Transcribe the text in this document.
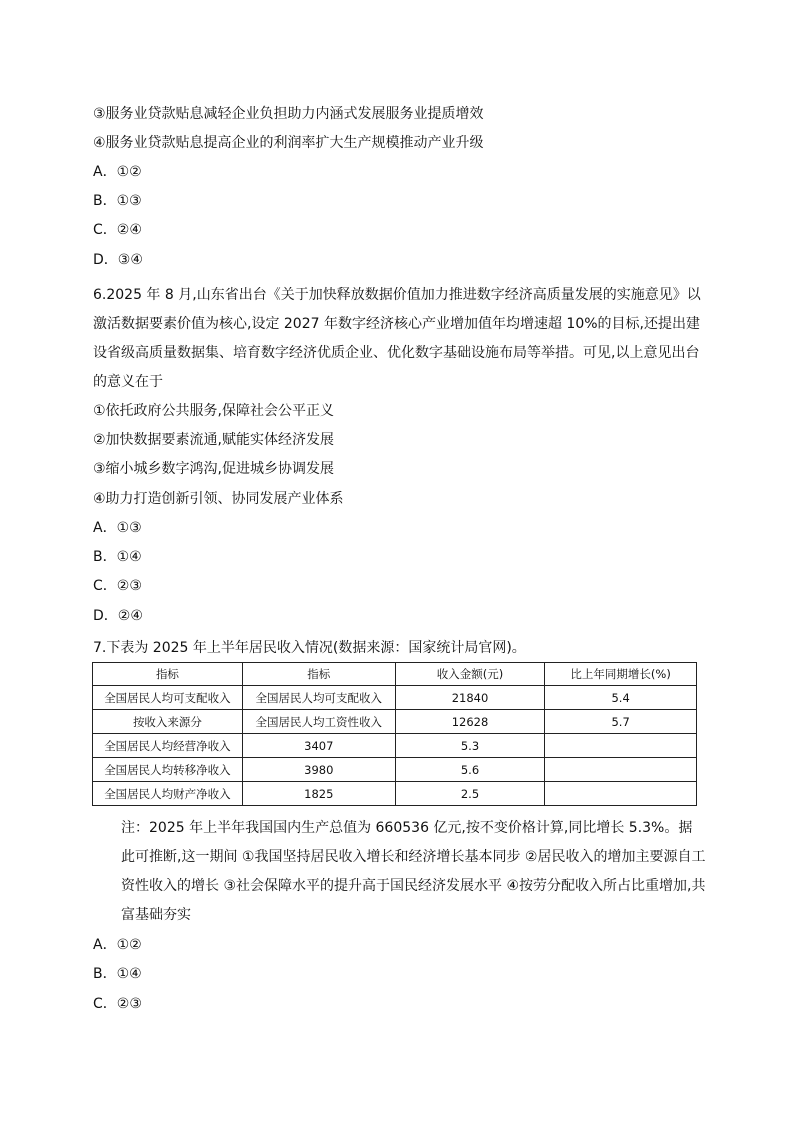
③服务业贷款贴息减轻企业负担助力内涵式发展服务业提质增效
④服务业贷款贴息提高企业的利润率扩大生产规模推动产业升级
A．①②
B．①③
C．②④
D．③④
6.2025 年 8 月,山东省出台《关于加快释放数据价值加力推进数字经济高质量发展的实施意见》以激活数据要素价值为核心,设定 2027 年数字经济核心产业增加值年均增速超 10%的目标,还提出建设省级高质量数据集、培育数字经济优质企业、优化数字基础设施布局等举措。可见,以上意见出台的意义在于
①依托政府公共服务,保障社会公平正义
②加快数据要素流通,赋能实体经济发展
③缩小城乡数字鸿沟,促进城乡协调发展
④助力打造创新引领、协同发展产业体系
A．①③
B．①④
C．②③
D．②④
7.下表为 2025 年上半年居民收入情况(数据来源：国家统计局官网)。
指标	指标	收入金额(元)	比上年同期增长(%)
全国居民人均可支配收入	全国居民人均可支配收入	21840	5.4
按收入来源分	全国居民人均工资性收入	12628	5.7
全国居民人均经营净收入	3407	5.3	
全国居民人均转移净收入	3980	5.6	
全国居民人均财产净收入	1825	2.5	
注：2025 年上半年我国国内生产总值为 660536 亿元,按不变价格计算,同比增长 5.3%。据此可推断,这一期间 ①我国坚持居民收入增长和经济增长基本同步 ②居民收入的增加主要源自工资性收入的增长 ③社会保障水平的提升高于国民经济发展水平 ④按劳分配收入所占比重增加,共富基础夯实
A．①②
B．①④
C．②③
